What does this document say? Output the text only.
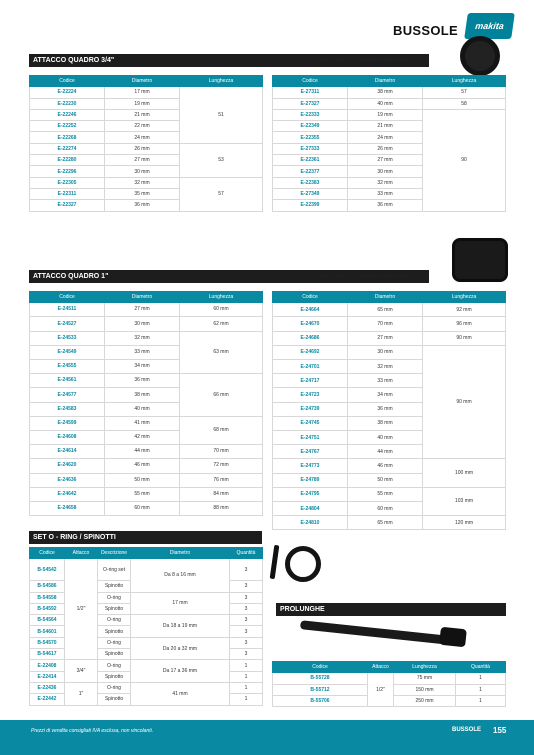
BUSSOLE	makita
ATTACCO QUADRO 3/4"	VENDUTE CON SPINOTTO E O-RING
Codice	Diametro	Lunghezza
E-22224	17 mm	51
E-22230	19 mm	
E-22246	21 mm	
E-22252	22 mm	
E-22268	24 mm	
E-22274	26 mm	53
E-22280	27 mm	
E-22296	30 mm	
E-22305	32 mm	57
E-22311	35 mm	
E-22327	36 mm	
Codice	Diametro	Lunghezza
E-27311	38 mm	57
E-27327	40 mm	58
E-22333	19 mm	90
E-22349	21 mm	
E-22355	24 mm	
E-27333	26 mm	
E-22361	27 mm	
E-22377	30 mm	
E-22383	32 mm	
E-27349	33 mm	
E-22399	36 mm	
ATTACCO QUADRO 1"	VENDUTE CON SPINOTTO E O-RING
Codice	Diametro	Lunghezza
E-24511	27 mm	60 mm
E-24527	30 mm	62 mm
E-24533	32 mm	63 mm
E-24549	33 mm	
E-24555	34 mm	
E-24561	36 mm	66 mm
E-24577	38 mm	
E-24583	40 mm	
E-24599	41 mm	68 mm
E-24608	42 mm	
E-24614	44 mm	70 mm
E-24620	46 mm	72 mm
E-24636	50 mm	76 mm
E-24642	55 mm	84 mm
E-24658	60 mm	88 mm
Codice	Diametro	Lunghezza
E-24664	65 mm	92 mm
E-24670	70 mm	96 mm
E-24686	27 mm	90 mm
E-24692	30 mm	90 mm
E-24701	32 mm	
E-24717	33 mm	
E-24723	34 mm	
E-24739	36 mm	
E-24745	38 mm	
E-24751	40 mm	
E-24767	44 mm	
E-24773	46 mm	100 mm
E-24789	50 mm	
E-24795	55 mm	103 mm
E-24804	60 mm	
E-24810	65 mm	120 mm
SET O - RING / SPINOTTI
Codice	Attacco	Descrizione	Diametro	Quantità
B-54542	1/2"	O-ring set	Da 8 a 16 mm	3
B-54586		Spinotto		3
B-54558		O-ring	17 mm	3
B-54592		Spinotto		3
B-54564		O-ring	Da 18 a 19 mm	3
B-54601		Spinotto		3
B-54570		O-ring	Da 20 a 32 mm	3
B-54617		Spinotto		3
E-22408	3/4"	O-ring	Da 17 a 36 mm	1
E-22414		Spinotto		1
E-22436	1"	O-ring	41 mm	1
E-22442		Spinotto		1
PROLUNGHE
Codice	Attacco	Lunghezza	Quantità
B-55728	1/2"	75 mm	1
B-55712		150 mm	1
B-55706		250 mm	1
Prezzi di vendita consigliati IVA esclusa, non vincolanti.	BUSSOLE 155
